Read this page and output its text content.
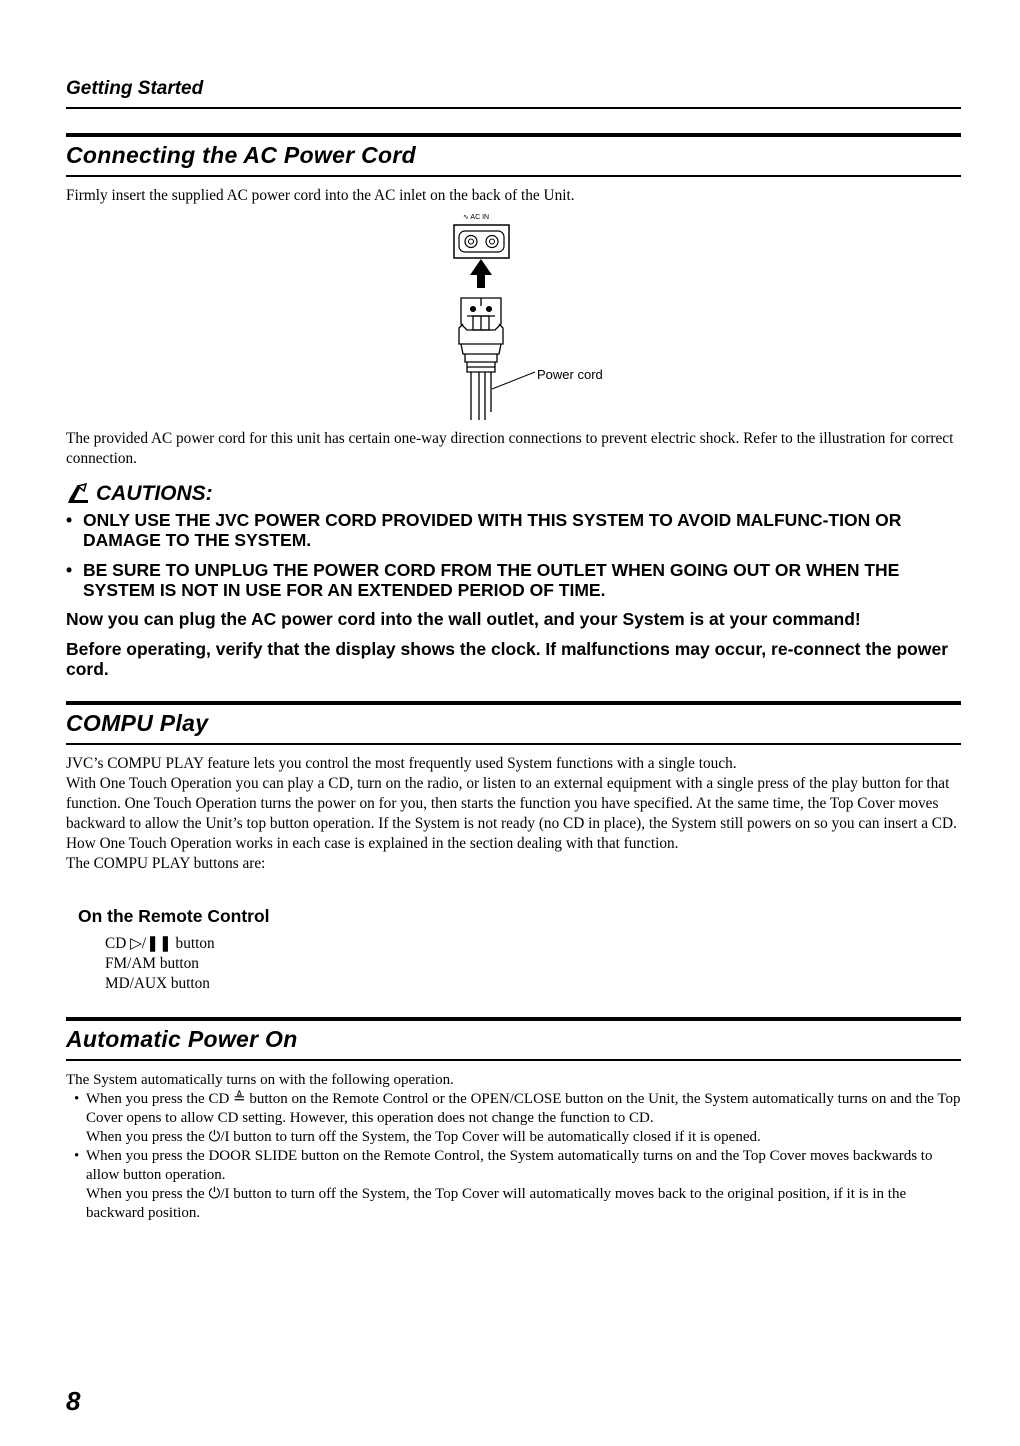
Getting Started
Connecting the AC Power Cord
Firmly insert the supplied AC power cord into the AC inlet on the back of the Unit.
∿ AC IN
Power cord
The provided AC power cord for this unit has certain one-way direction connections to prevent electric shock. Refer to the illustration for correct connection.
CAUTIONS:
• ONLY USE THE JVC POWER CORD PROVIDED WITH THIS SYSTEM TO AVOID MALFUNC-TION OR DAMAGE TO THE SYSTEM.
• BE SURE TO UNPLUG THE POWER CORD FROM THE OUTLET WHEN GOING OUT OR WHEN THE SYSTEM IS NOT IN USE FOR AN EXTENDED PERIOD OF TIME.
Now you can plug the AC power cord into the wall outlet, and your System is at your command!
Before operating, verify that the display shows the clock. If malfunctions may occur, re-connect the power cord.
COMPU Play

JVC’s COMPU PLAY feature lets you control the most frequently used System functions with a single touch.

With One Touch Operation you can play a CD, turn on the radio, or listen to an external equipment with a single press of the play button for that function. One Touch Operation turns the power on for you, then starts the function you have specified. At the same time, the Top Cover moves backward to allow the Unit’s top button operation. If the System is not ready (no CD in place), the System still powers on so you can insert a CD.

How One Touch Operation works in each case is explained in the section dealing with that function.

The COMPU PLAY buttons are:

On the Remote Control
CD ▷/❚❚ button
FM/AM button
MD/AUX button
Automatic Power On
The System automatically turns on with the following operation.
• When you press the CD ≜ button on the Remote Control or the OPEN/CLOSE button on the Unit, the System automatically turns on and the Top Cover opens to allow CD setting. However, this operation does not change the function to CD.
When you press the ⏻/I button to turn off the System, the Top Cover will be automatically closed if it is opened.
• When you press the DOOR SLIDE button on the Remote Control, the System automatically turns on and the Top Cover moves backwards to allow button operation.
When you press the ⏻/I button to turn off the System, the Top Cover will automatically moves back to the original position, if it is in the backward position.
8
